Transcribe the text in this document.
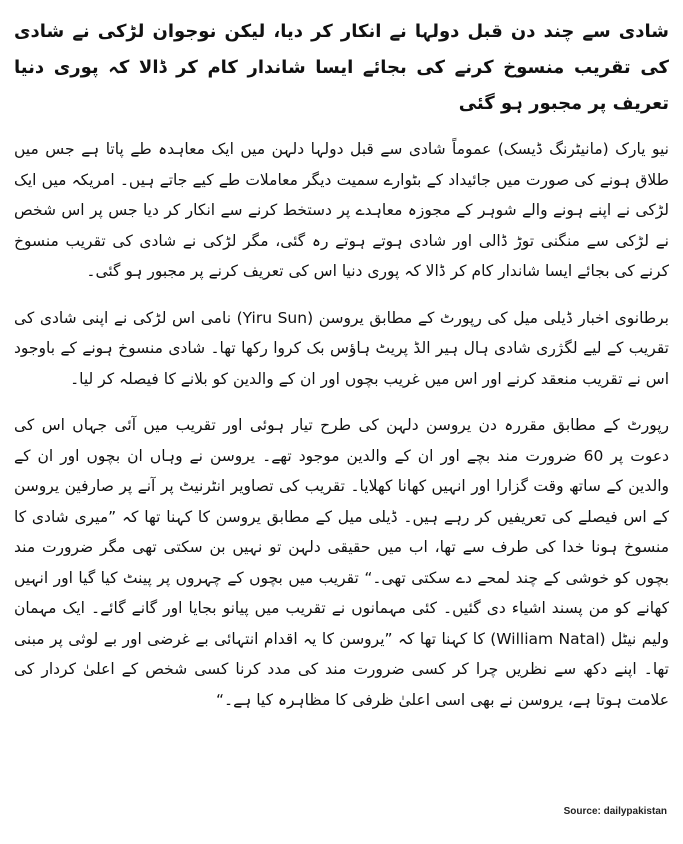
شادی سے چند دن قبل دولہا نے انکار کر دیا، لیکن نوجوان لڑکی نے شادی کی تقریب منسوخ کرنے کی بجائے ایسا شاندار کام کر ڈالا کہ پوری دنیا تعریف پر مجبور ہو گئی

نیو یارک (مانیٹرنگ ڈیسک) عموماً شادی سے قبل دولہا دلہن میں ایک معاہدہ طے پاتا ہے جس میں طلاق ہونے کی صورت میں جائیداد کے بٹوارے سمیت دیگر معاملات طے کیے جاتے ہیں۔ امریکہ میں ایک لڑکی نے اپنے ہونے والے شوہر کے مجوزہ معاہدے پر دستخط کرنے سے انکار کر دیا جس پر اس شخص نے لڑکی سے منگنی توڑ ڈالی اور شادی ہوتے ہوتے رہ گئی، مگر لڑکی نے شادی کی تقریب منسوخ کرنے کی بجائے ایسا شاندار کام کر ڈالا کہ پوری دنیا اس کی تعریف کرنے پر مجبور ہو گئی۔

برطانوی اخبار ڈیلی میل کی رپورٹ کے مطابق یروسن (Yiru Sun) نامی اس لڑکی نے اپنی شادی کی تقریب کے لیے لگژری شادی ہال ہیر الڈ پریٹ ہاؤس بک کروا رکھا تھا۔ شادی منسوخ ہونے کے باوجود اس نے تقریب منعقد کرنے اور اس میں غریب بچوں اور ان کے والدین کو بلانے کا فیصلہ کر لیا۔

رپورٹ کے مطابق مقررہ دن یروسن دلہن کی طرح تیار ہوئی اور تقریب میں آئی جہاں اس کی دعوت پر 60 ضرورت مند بچے اور ان کے والدین موجود تھے۔ یروسن نے وہاں ان بچوں اور ان کے والدین کے ساتھ وقت گزارا اور انہیں کھانا کھلایا۔ تقریب کی تصاویر انٹرنیٹ پر آنے پر صارفین یروسن کے اس فیصلے کی تعریفیں کر رہے ہیں۔ ڈیلی میل کے مطابق یروسن کا کہنا تھا کہ ”میری شادی کا منسوخ ہونا خدا کی طرف سے تھا، اب میں حقیقی دلہن تو نہیں بن سکتی تھی مگر ضرورت مند بچوں کو خوشی کے چند لمحے دے سکتی تھی۔“ تقریب میں بچوں کے چہروں پر پینٹ کیا گیا اور انہیں کھانے کو من پسند اشیاء دی گئیں۔ کئی مہمانوں نے تقریب میں پیانو بجایا اور گانے گائے۔ ایک مہمان ولیم نیٹل (William Natal) کا کہنا تھا کہ ”یروسن کا یہ اقدام انتہائی بے غرضی اور بے لوثی پر مبنی تھا۔ اپنے دکھ سے نظریں چرا کر کسی ضرورت مند کی مدد کرنا کسی شخص کے اعلیٰ کردار کی علامت ہوتا ہے، یروسن نے بھی اسی اعلیٰ ظرفی کا مظاہرہ کیا ہے۔“

Source: dailypakistan
